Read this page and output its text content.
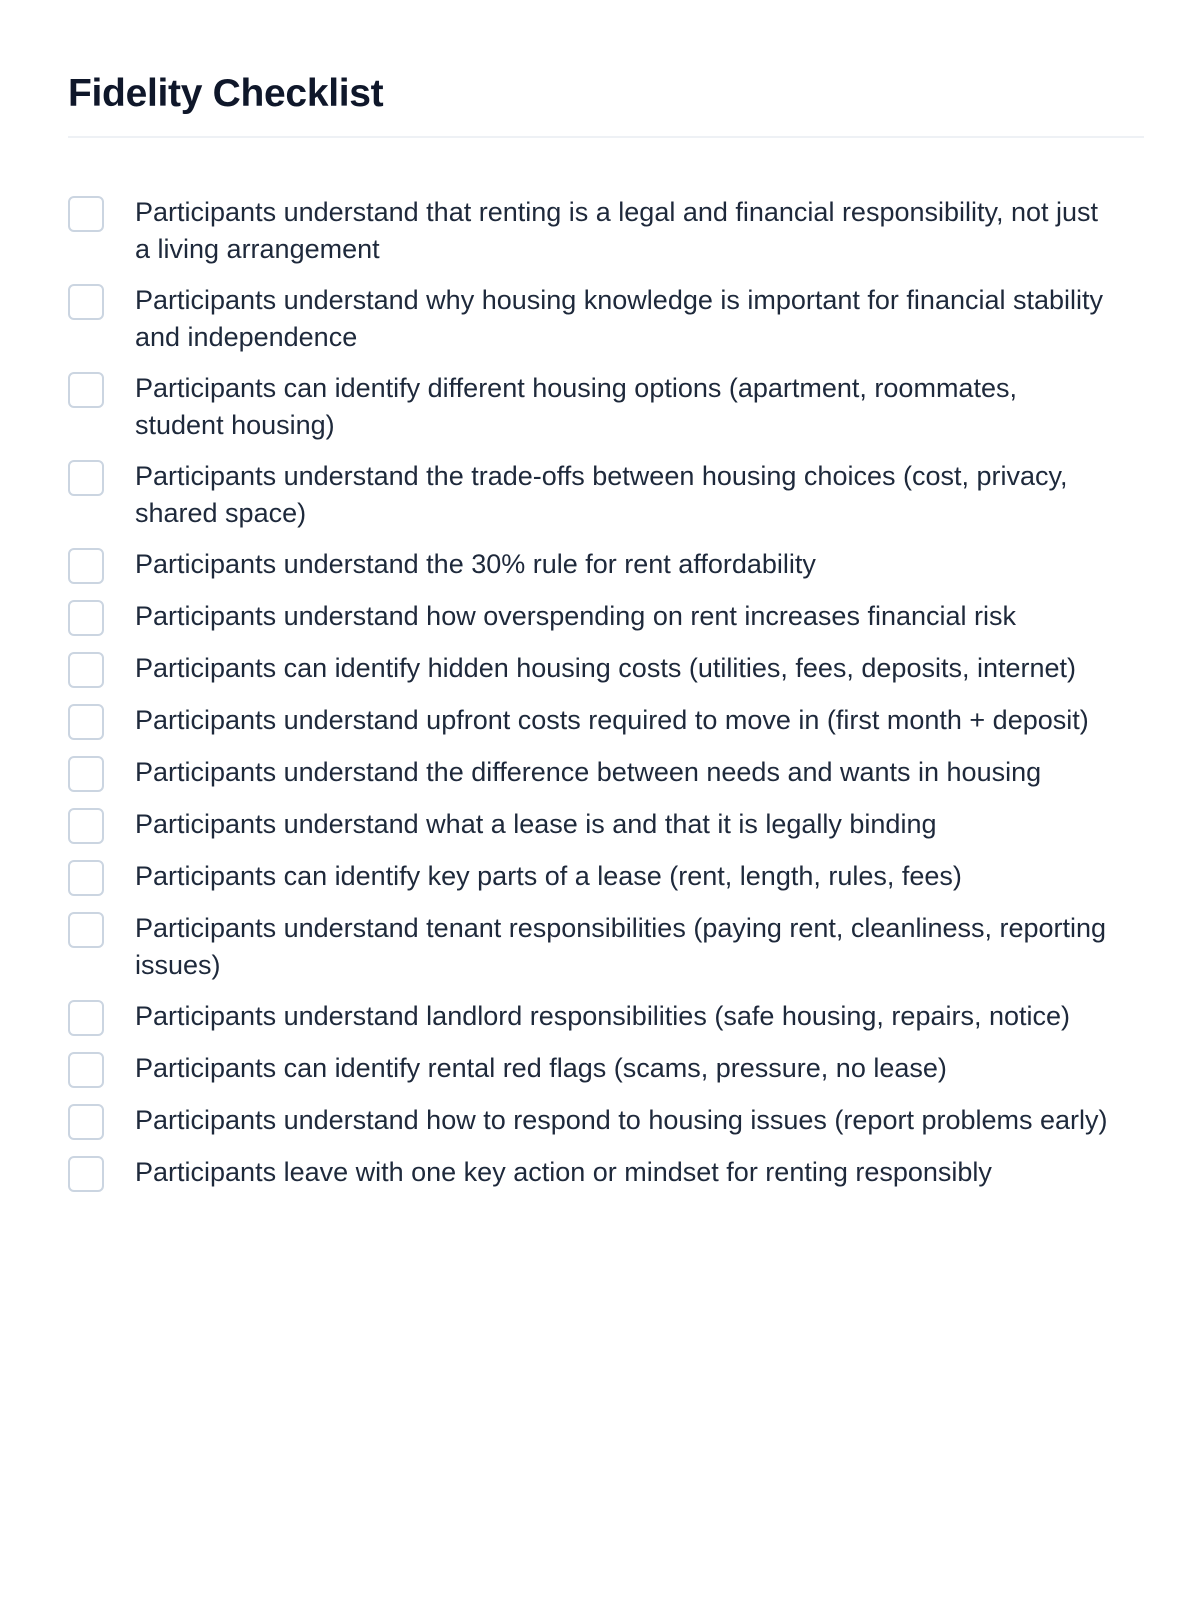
Fidelity Checklist
Participants understand that renting is a legal and financial responsibility, not just a living arrangement
Participants understand why housing knowledge is important for financial stability and independence
Participants can identify different housing options (apartment, roommates, student housing)
Participants understand the trade-offs between housing choices (cost, privacy, shared space)
Participants understand the 30% rule for rent affordability
Participants understand how overspending on rent increases financial risk
Participants can identify hidden housing costs (utilities, fees, deposits, internet)
Participants understand upfront costs required to move in (first month + deposit)
Participants understand the difference between needs and wants in housing
Participants understand what a lease is and that it is legally binding
Participants can identify key parts of a lease (rent, length, rules, fees)
Participants understand tenant responsibilities (paying rent, cleanliness, reporting issues)
Participants understand landlord responsibilities (safe housing, repairs, notice)
Participants can identify rental red flags (scams, pressure, no lease)
Participants understand how to respond to housing issues (report problems early)
Participants leave with one key action or mindset for renting responsibly
